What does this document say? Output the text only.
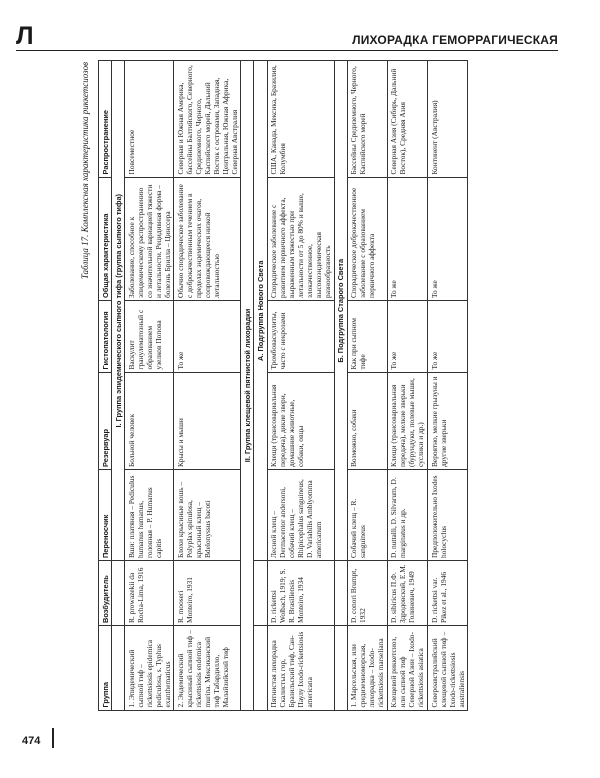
Л	ЛИХОРАДКА ГЕМОРРАГИЧЕСКАЯ
Таблица 17. Комплексная характеристика риккетсиозов
Группа	Возбудитель	Переносчик	Резервуар	Гистопатология	Общая характеристика	Распространение
		I. Группа эпидемического сыпного тифа (группа сыпного тифа)				
1. Эпидемический сыпной тиф – rickettsiosis epidemica pediculosa, s. Typhus exanthematicus	R. prowazekii da Rocha-Lima, 1916	Вши: платяная – Pediculus humanus humanus, головная – P. Humanus capitis	Больной человек	Васкулит гранулематозный с образованием узелков Попова	Заболевание, способное к эпидемическому распространению со значительной вариацией тяжести и летальности. Рецидивная форма – болезнь Брилла – Цинссера	Повсеместное
2. Эндемический крысиный сыпной тиф – rickettsiosis endemica murina. Мексиканский тиф Табардилло, Малайзийский тиф	R. mooseri Monteiro, 1931	Блохи крысиные вошь – Polyplax spinulosa, крысиный клещ – Bdelonyssus bacoti	Крысы и мыши	То же	Обычно спорадическое заболевание с доброкачественным течением в пределах эндемических очагов, сопровождающееся низкой летальностью	Северная и Южная Америка, бассейны Балтийского, Северного, Средиземного, Черного, Каспийского морей, Дальний Восток с островами, Западная, Центральная, Южная Африка, Северная Австралия
II. Группа клещевой пятнистой лихорадки						
		А. Подгруппа Нового Света				
Пятнистая лихорадка Скалистых гор, Бразильский тиф, Сан-Паулу Ixodo-rickettsiosis americana	D. rickettsi Wolbach, 1919; S. R. Brasiliensis Monteiro, 1934	Лесной клещ – Dermacentor andersoni, собачий клещ – Rhipicephalus sanguineus, D. Variabilis Amblyomma americanum	Клещи (трансовариальная передача), дикие звери, домашние животные, собаки, овцы	Тромбоваскулиты, часто с некрозами	Спорадическое заболевание с развитием первичного аффекта, выраженным тяжестью при летальности от 5 до 80% и выше, злокачественное, высокоэндемическая разнообразность	США, Канада, Мексика, Бразилия, Колумбия
		Б. Подгруппа Старого Света				
1. Марсельская, или средиземноморская, лихорадка – Ixodo-rickettsiosis marseliana	D. conori Brumpt, 1932	Собачий клещ – R. sanguineus	Возможно, собаки	Как при сыпном тифе	Спорадическое доброкачественное заболевание с образованием первичного аффекта	Бассейны Средиземного, Черного, Каспийского морей
Клещевой риккетсиоз, или сыпной тиф Северной Азии – Ixodo-rickettsiosis asiatica	D. sibiricus П.Ф. Здродовский, Е.М. Голиневич, 1949	D. nuttalli, D. Silvarum, D. marginatus и др.	Клещи (трансовариальная передача), мелкие зверьки (бурундуки, полевые мыши, суслики и др.)	То же	То же	Северная Азия (Сибирь, Дальний Восток), Средняя Азия
Североавстралийский клещевой сыпной тиф – Ixodo-rickettsiosis australiensis	D. rickettsi var. Pikez et al., 1946	Предположительно Ixodes holocyclus	Вероятно, мелкие грызуны и другие зверьки	То же	То же	Континент (Австралия)
474
